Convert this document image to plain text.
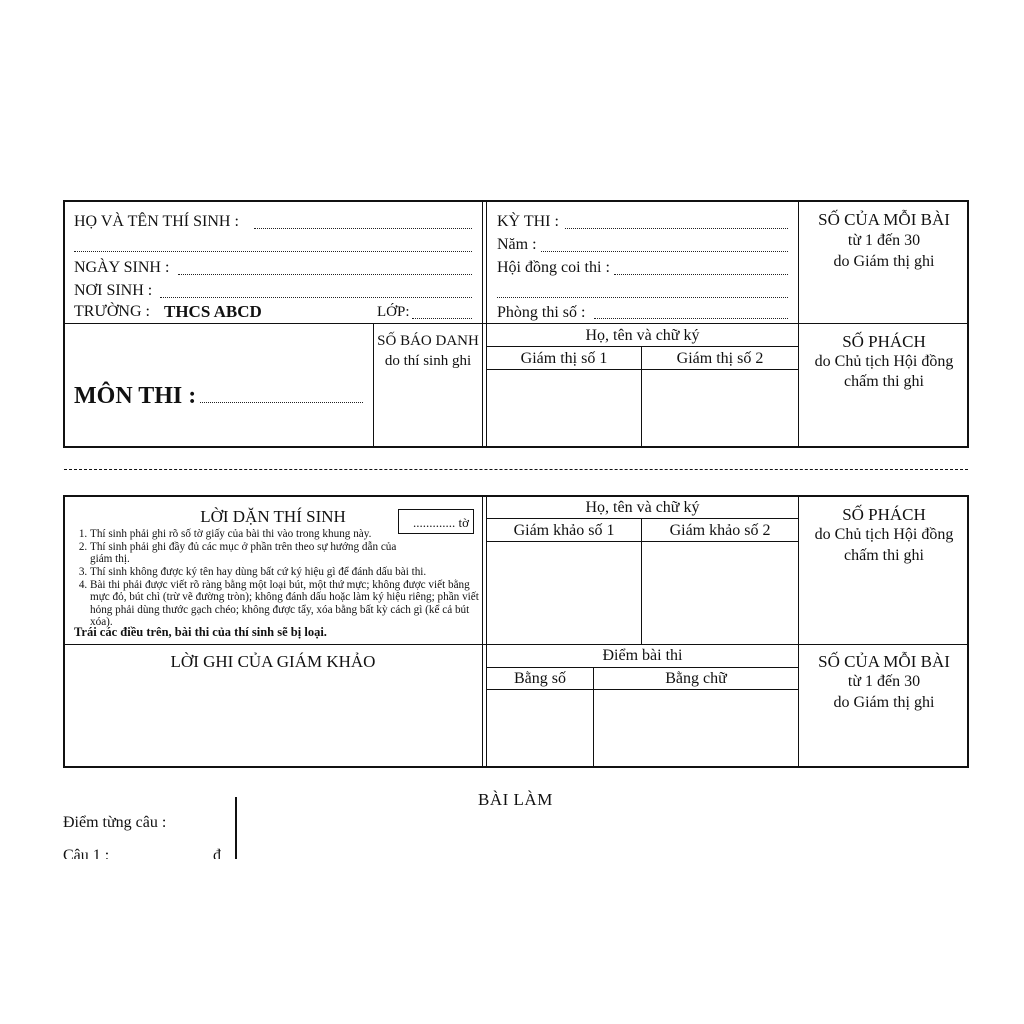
HỌ VÀ TÊN THÍ SINH :
NGÀY SINH :
NƠI SINH :
TRƯỜNG : THCS ABCD	LỚP:
KỲ THI :
Năm :
Hội đồng coi thi :
Phòng thi số :
SỐ CỦA MỖI BÀI
từ 1 đến 30
do Giám thị ghi
MÔN THI :
SỐ BÁO DANH
do thí sinh ghi
Họ, tên và chữ ký
Giám thị số 1	Giám thị số 2
SỐ PHÁCH
do Chủ tịch Hội đồng
chấm thi ghi
LỜI DẶN THÍ SINH	............. tờ
1. Thí sinh phải ghi rõ số tờ giấy của bài thi vào trong khung này.
2. Thí sinh phải ghi đầy đủ các mục ở phần trên theo sự hướng dẫn của giám thị.
3. Thí sinh không được ký tên hay dùng bất cứ ký hiệu gì để đánh dấu bài thi.
4. Bài thi phải được viết rõ ràng bằng một loại bút, một thứ mực; không được viết bằng mực đỏ, bút chì (trừ vẽ đường tròn); không đánh dấu hoặc làm ký hiệu riêng; phần viết hỏng phải dùng thước gạch chéo; không được tẩy, xóa bằng bất kỳ cách gì (kể cả bút xóa).
Trái các điều trên, bài thi của thí sinh sẽ bị loại.
Họ, tên và chữ ký
Giám khảo số 1	Giám khảo số 2
SỐ PHÁCH
do Chủ tịch Hội đồng
chấm thi ghi
LỜI GHI CỦA GIÁM KHẢO	Điểm bài thi
Bằng số	Bằng chữ
SỐ CỦA MỖI BÀI
từ 1 đến 30
do Giám thị ghi
BÀI LÀM
Điểm từng câu :
Câu 1 :	đ
